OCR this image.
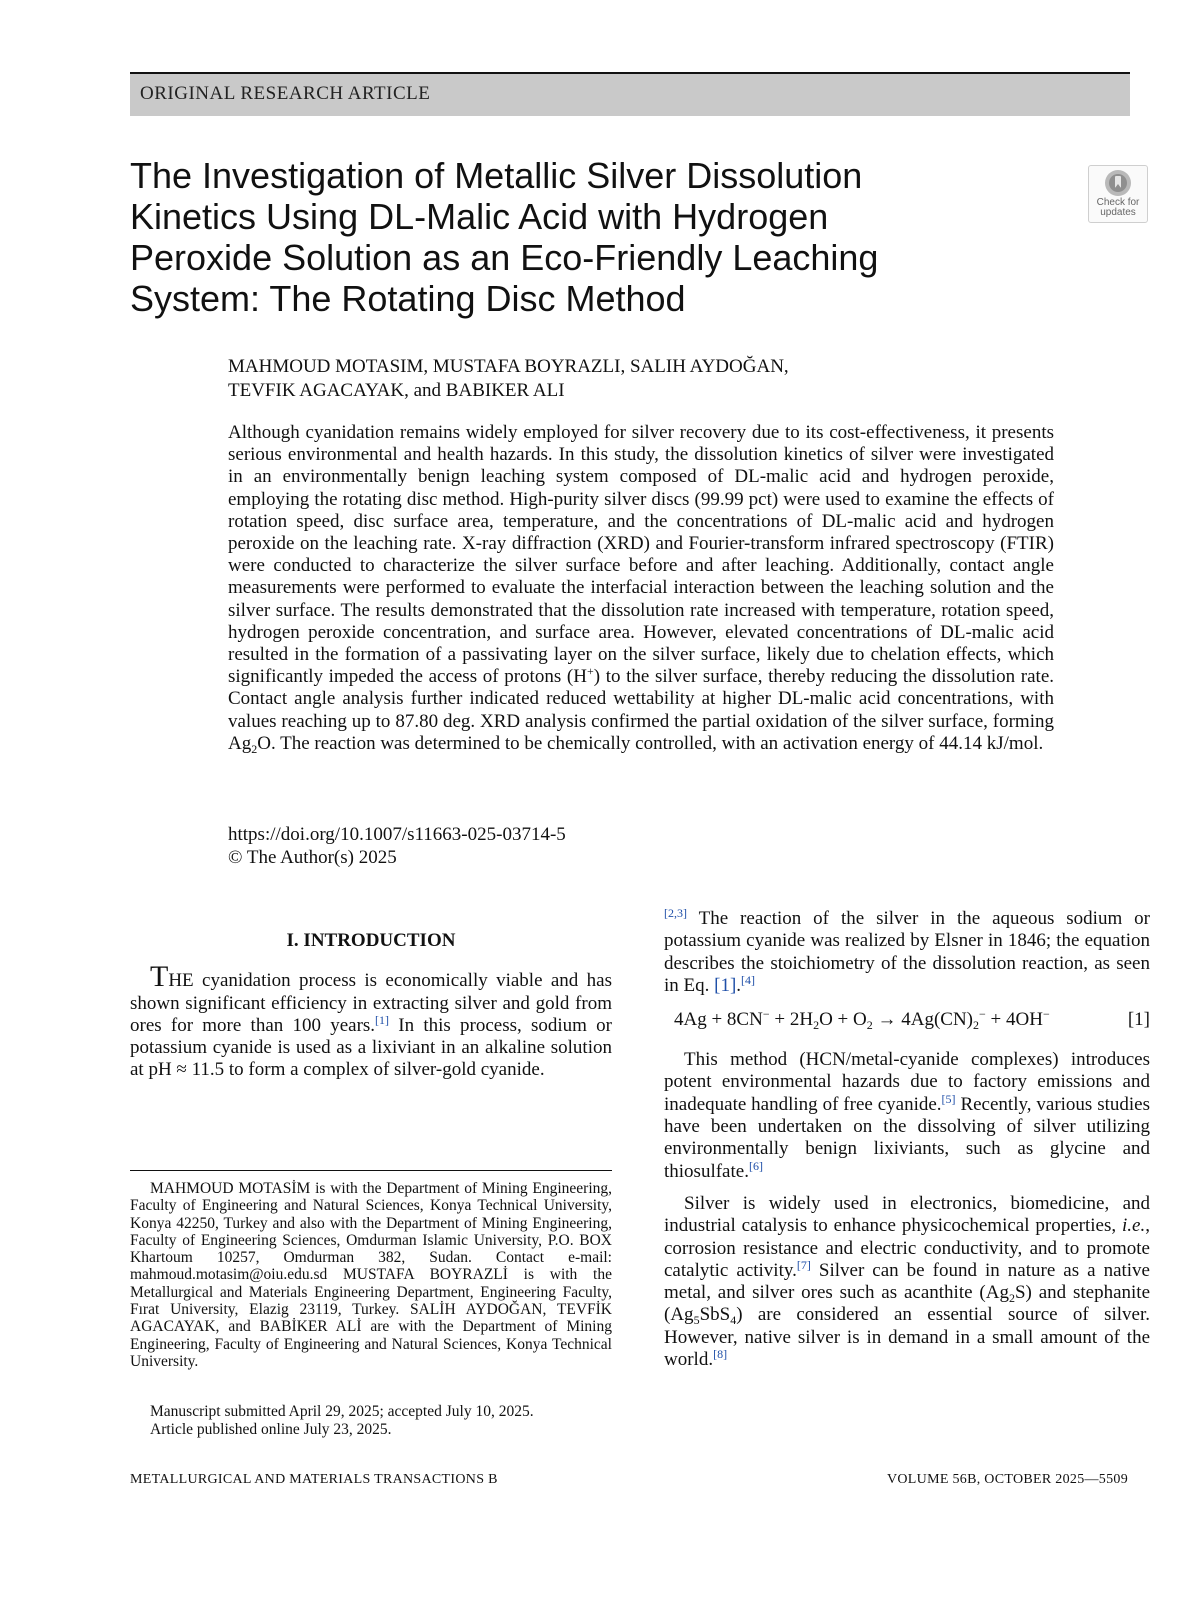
ORIGINAL RESEARCH ARTICLE
The Investigation of Metallic Silver Dissolution Kinetics Using DL-Malic Acid with Hydrogen Peroxide Solution as an Eco-Friendly Leaching System: The Rotating Disc Method
Check for updates
MAHMOUD MOTASIM, MUSTAFA BOYRAZLI, SALIH AYDOĞAN,
TEVFIK AGACAYAK, and BABIKER ALI

Although cyanidation remains widely employed for silver recovery due to its cost-effectiveness, it presents serious environmental and health hazards. In this study, the dissolution kinetics of silver were investigated in an environmentally benign leaching system composed of DL-malic acid and hydrogen peroxide, employing the rotating disc method. High-purity silver discs (99.99 pct) were used to examine the effects of rotation speed, disc surface area, temperature, and the concentrations of DL-malic acid and hydrogen peroxide on the leaching rate. X-ray diffraction (XRD) and Fourier-transform infrared spectroscopy (FTIR) were conducted to characterize the silver surface before and after leaching. Additionally, contact angle measurements were performed to evaluate the interfacial interaction between the leaching solution and the silver surface. The results demonstrated that the dissolution rate increased with temperature, rotation speed, hydrogen peroxide concentration, and surface area. However, elevated concentrations of DL-malic acid resulted in the formation of a passivating layer on the silver surface, likely due to chelation effects, which significantly impeded the access of protons (H+) to the silver surface, thereby reducing the dissolution rate. Contact angle analysis further indicated reduced wettability at higher DL-malic acid concentrations, with values reaching up to 87.80 deg. XRD analysis confirmed the partial oxidation of the silver surface, forming $Ag_2O$. The reaction was determined to be chemically controlled, with an activation energy of 44.14 kJ/mol.

https://doi.org/10.1007/s11663-025-03714-5
© The Author(s) 2025
I. INTRODUCTION

THE cyanidation process is economically viable and has shown significant efficiency in extracting silver and gold from ores for more than 100 years.[1] In this process, sodium or potassium cyanide is used as a lixiviant in an alkaline solution at pH ≈ 11.5 to form a complex of silver-gold cyanide.

[2,3] The reaction of the silver in the aqueous sodium or potassium cyanide was realized by Elsner in 1846; the equation describes the stoichiometry of the dissolution reaction, as seen in Eq. [1].[4]

$4Ag + 8CN^- + 2H_2O + O_2 \to 4Ag(CN)_2^- + 4OH^-$	[1]

This method (HCN/metal-cyanide complexes) introduces potent environmental hazards due to factory emissions and inadequate handling of free cyanide.[5] Recently, various studies have been undertaken on the dissolving of silver utilizing environmentally benign lixiviants, such as glycine and thiosulfate.[6]

Silver is widely used in electronics, biomedicine, and industrial catalysis to enhance physicochemical properties, i.e., corrosion resistance and electric conductivity, and to promote catalytic activity.[7] Silver can be found in nature as a native metal, and silver ores such as acanthite $(Ag_2S)$ and stephanite $(Ag_5SbS_4)$ are considered an essential source of silver. However, native silver is in demand in a small amount of the world.[8]

MAHMOUD MOTASİM is with the Department of Mining Engineering, Faculty of Engineering and Natural Sciences, Konya Technical University, Konya 42250, Turkey and also with the Department of Mining Engineering, Faculty of Engineering Sciences, Omdurman Islamic University, P.O. BOX Khartoum 10257, Omdurman 382, Sudan. Contact e-mail: mahmoud.motasim@oiu.edu.sd MUSTAFA BOYRAZLİ is with the Metallurgical and Materials Engineering Department, Engineering Faculty, Fırat University, Elazig 23119, Turkey. SALİH AYDOĞAN, TEVFİK AGACAYAK, and BABİKER ALİ are with the Department of Mining Engineering, Faculty of Engineering and Natural Sciences, Konya Technical University.

Manuscript submitted April 29, 2025; accepted July 10, 2025.
Article published online July 23, 2025.
METALLURGICAL AND MATERIALS TRANSACTIONS B	VOLUME 56B, OCTOBER 2025—5509
